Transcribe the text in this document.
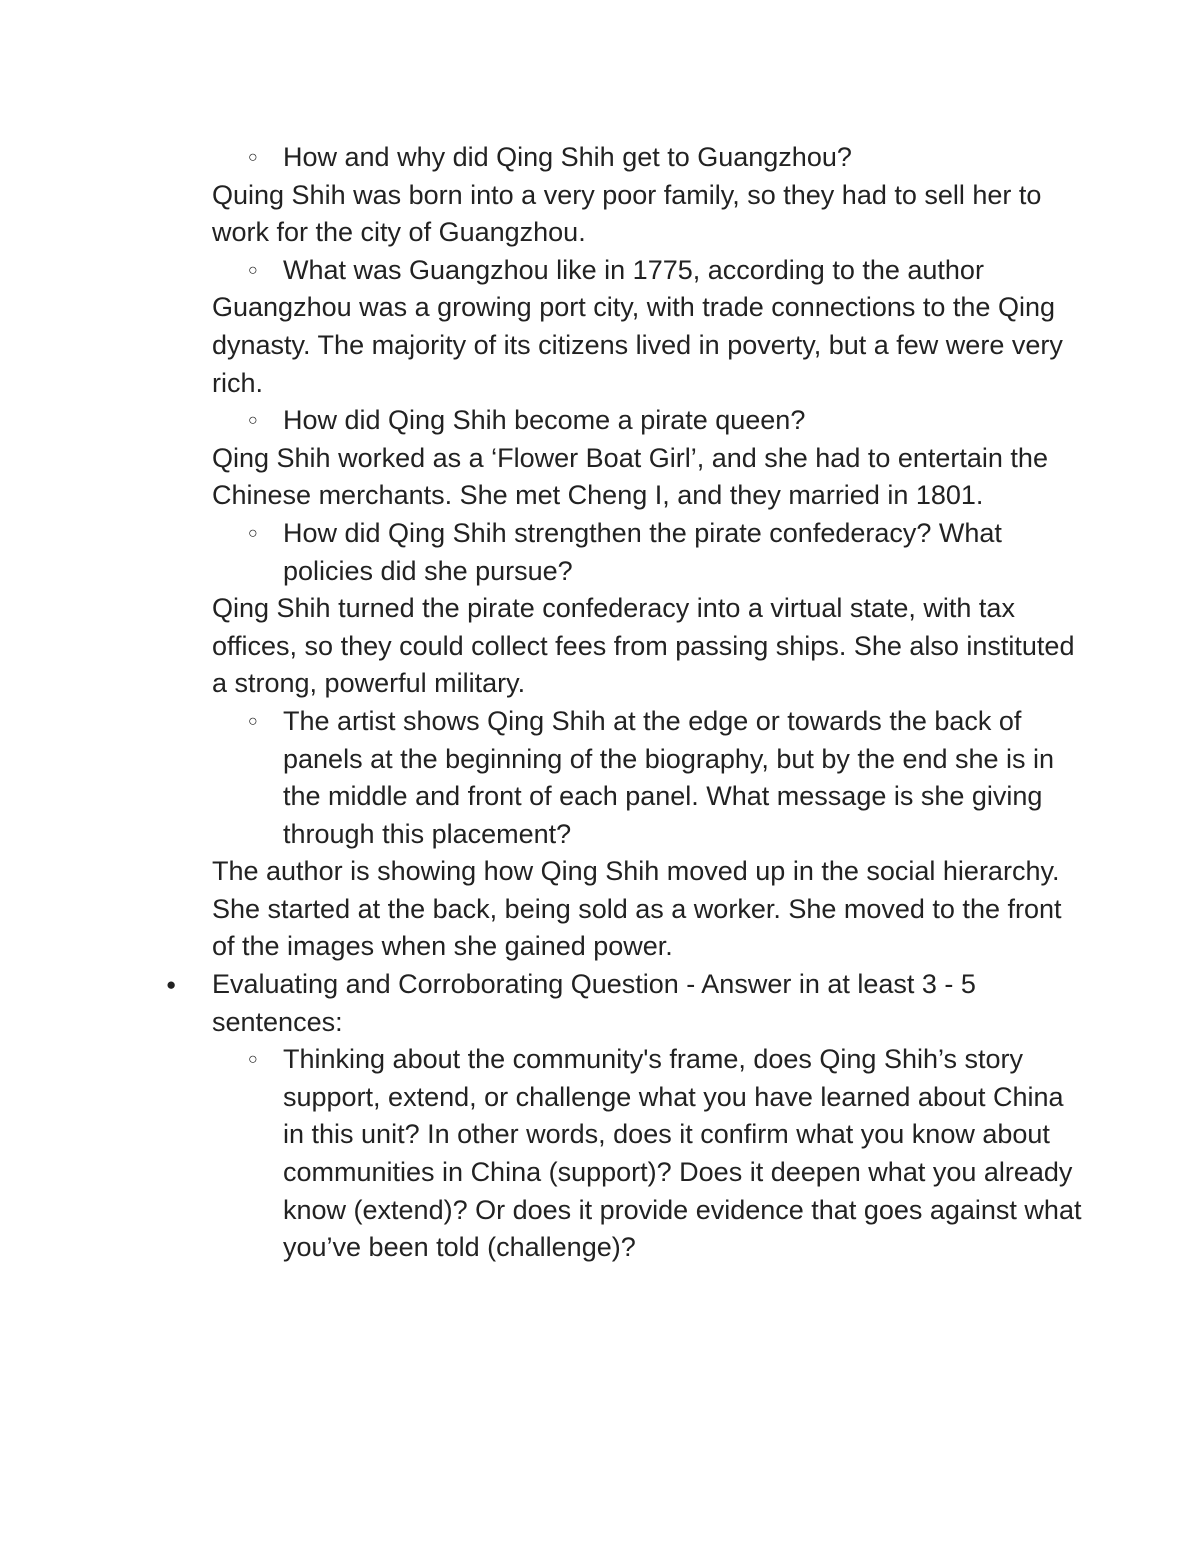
○ How and why did Qing Shih get to Guangzhou?

Quing Shih was born into a very poor family, so they had to sell her to work for the city of Guangzhou.

○ What was Guangzhou like in 1775, according to the author

Guangzhou was a growing port city, with trade connections to the Qing dynasty. The majority of its citizens lived in poverty, but a few were very rich.

○ How did Qing Shih become a pirate queen?

Qing Shih worked as a ‘Flower Boat Girl’, and she had to entertain the Chinese merchants. She met Cheng I, and they married in 1801.

○ How did Qing Shih strengthen the pirate confederacy? What policies did she pursue?

Qing Shih turned the pirate confederacy into a virtual state, with tax offices, so they could collect fees from passing ships. She also instituted a strong, powerful military.

○ The artist shows Qing Shih at the edge or towards the back of panels at the beginning of the biography, but by the end she is in the middle and front of each panel. What message is she giving through this placement?

The author is showing how Qing Shih moved up in the social hierarchy. She started at the back, being sold as a worker. She moved to the front of the images when she gained power.

● Evaluating and Corroborating Question - Answer in at least 3 - 5 sentences:
○ Thinking about the community's frame, does Qing Shih’s story support, extend, or challenge what you have learned about China in this unit? In other words, does it confirm what you know about communities in China (support)? Does it deepen what you already know (extend)? Or does it provide evidence that goes against what you’ve been told (challenge)?
